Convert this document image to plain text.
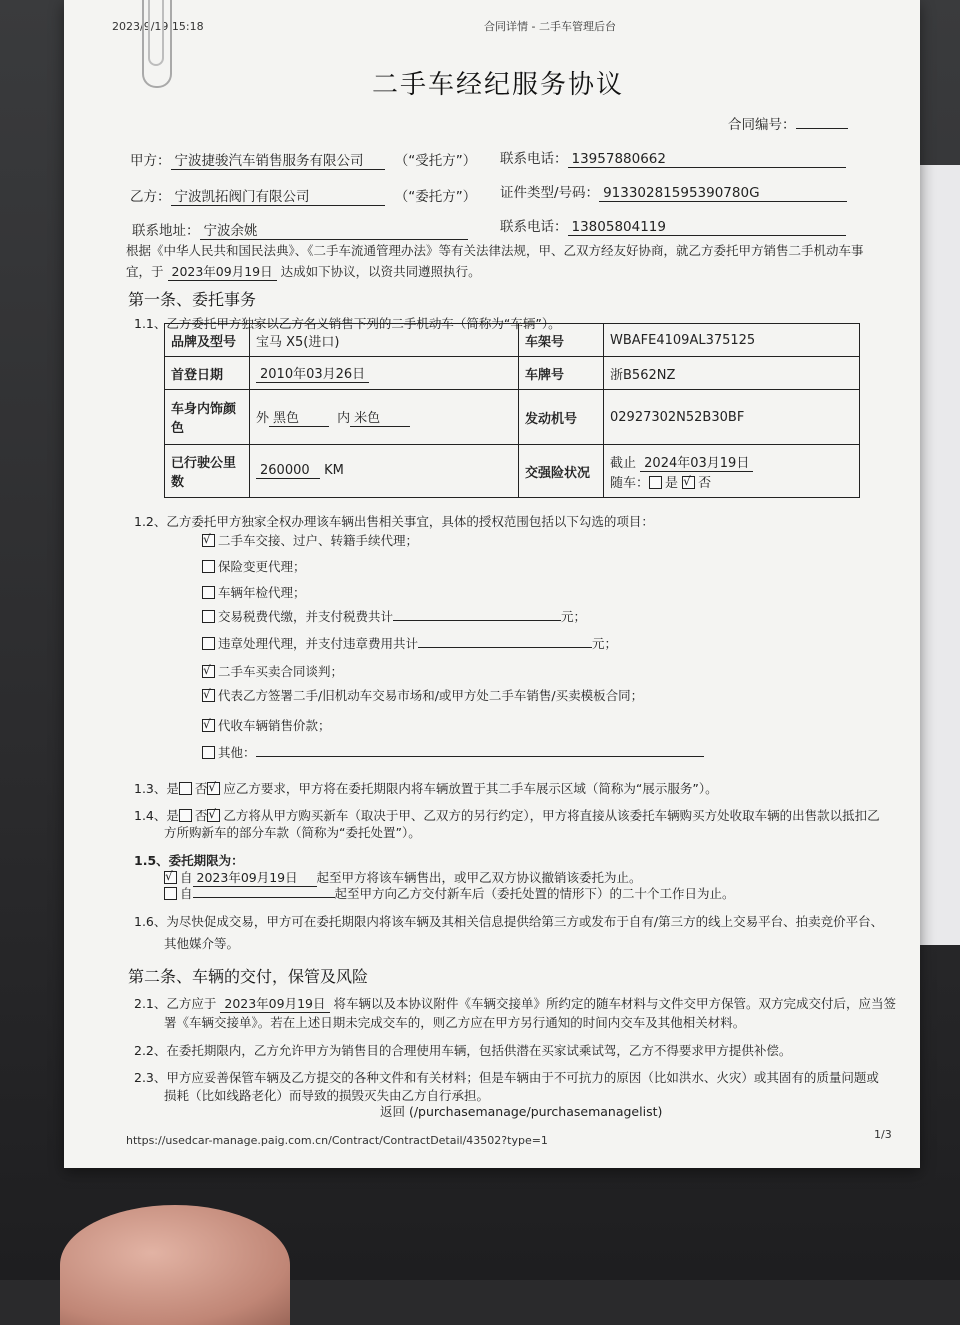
2023/9/19 15:18	合同详情 - 二手车管理后台
二手车经纪服务协议
合同编号：
甲方： 宁波捷骏汽车销售服务有限公司 （“受托方”） 联系电话： 13957880662
乙方： 宁波凯拓阀门有限公司	（“委托方”） 证件类型/号码： 91330281595390780G
联系地址： 宁波余姚	联系电话： 13805804119
根据《中华人民共和国民法典》、《二手车流通管理办法》等有关法律法规，甲、乙双方经友好协商，就乙方委托甲方销售二手机动车事
宜，于 2023年09月19日 达成如下协议，以资共同遵照执行。
第一条、委托事务
1.1、乙方委托甲方独家以乙方名义销售下列的二手机动车（简称为“车辆”）。
品牌及型号	宝马 X5(进口)	车架号	WBAFE4109AL375125
首登日期	2010年03月26日	车牌号	浙B562NZ
车身内饰颜色	外 黑色 内 米色	发动机号	02927302N52B30BF
已行驶公里数	260000 KM	交强险状况	截止 2024年03月19日
随车： 是 √ 否
1.2、乙方委托甲方独家全权办理该车辆出售相关事宜，具体的授权范围包括以下勾选的项目：
√二手车交接、过户、转籍手续代理；
保险变更代理；
车辆年检代理；
交易税费代缴，并支付税费共计	元；
违章处理代理，并支付违章费用共计	元；
√二手车买卖合同谈判；
√代表乙方签署二手/旧机动车交易市场和/或甲方处二手车销售/买卖模板合同；
√代收车辆销售价款；
其他：
1.3、是 否 √ 应乙方要求，甲方将在委托期限内将车辆放置于其二手车展示区域（简称为“展示服务”）。
1.4、是 否 √ 乙方将从甲方购买新车（取决于甲、乙双方的另行约定），甲方将直接从该委托车辆购买方处收取车辆的出售款以抵扣乙
方所购新车的部分车款（简称为“委托处置”）。
1.5、委托期限为：
√自 2023年09月19日 起至甲方将该车辆售出，或甲乙双方协议撤销该委托为止。
自	起至甲方向乙方交付新车后（委托处置的情形下）的二十个工作日为止。
1.6、为尽快促成交易，甲方可在委托期限内将该车辆及其相关信息提供给第三方或发布于自有/第三方的线上交易平台、拍卖竞价平台、
其他媒介等。
第二条、车辆的交付，保管及风险
2.1、乙方应于 2023年09月19日 将车辆以及本协议附件《车辆交接单》所约定的随车材料与文件交甲方保管。双方完成交付后，应当签
署《车辆交接单》。若在上述日期未完成交车的，则乙方应在甲方另行通知的时间内交车及其他相关材料。
2.2、在委托期限内，乙方允许甲方为销售目的合理使用车辆，包括供潜在买家试乘试驾，乙方不得要求甲方提供补偿。
2.3、甲方应妥善保管车辆及乙方提交的各种文件和有关材料；但是车辆由于不可抗力的原因（比如洪水、火灾）或其固有的质量问题或
损耗（比如线路老化）而导致的损毁灭失由乙方自行承担。
返回 (/purchasemanage/purchasemanagelist)
https://usedcar-manage.paig.com.cn/Contract/ContractDetail/43502?type=1	1/3
